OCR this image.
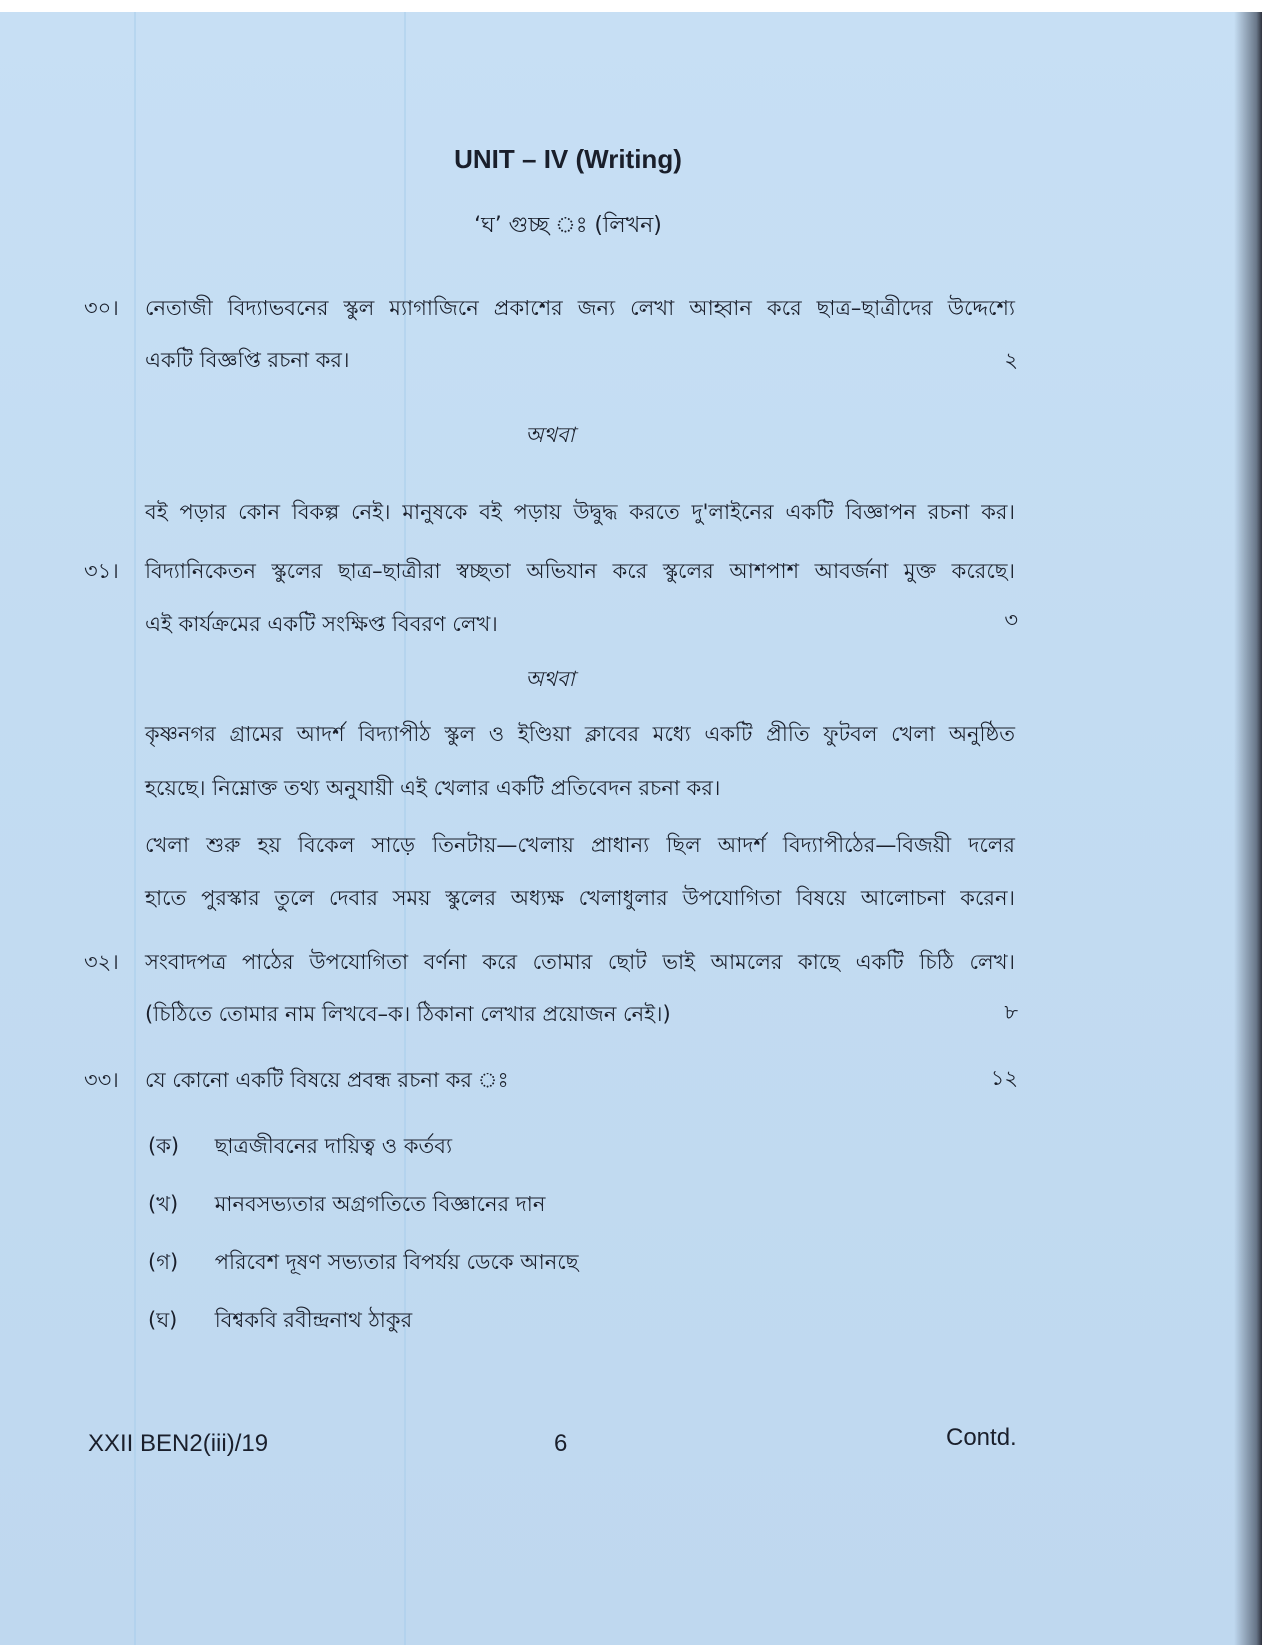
UNIT – IV (Writing)
‘ঘ’ গুচ্ছ ঃ (লিখন)
৩০। নেতাজী বিদ্যাভবনের স্কুল ম্যাগাজিনে প্রকাশের জন্য লেখা আহ্বান করে ছাত্র–ছাত্রীদের উদ্দেশ্যে
একটি বিজ্ঞপ্তি রচনা কর।	২
অথবা
বই পড়ার কোন বিকল্প নেই। মানুষকে বই পড়ায় উদ্বুদ্ধ করতে দু'লাইনের একটি বিজ্ঞাপন রচনা কর।
৩১। বিদ্যানিকেতন স্কুলের ছাত্র–ছাত্রীরা স্বচ্ছতা অভিযান করে স্কুলের আশপাশ আবর্জনা মুক্ত করেছে।
এই কার্যক্রমের একটি সংক্ষিপ্ত বিবরণ লেখ।	৩
অথবা
কৃষ্ণনগর গ্রামের আদর্শ বিদ্যাপীঠ স্কুল ও ইণ্ডিয়া ক্লাবের মধ্যে একটি প্রীতি ফুটবল খেলা অনুষ্ঠিত
হয়েছে। নিম্নোক্ত তথ্য অনুযায়ী এই খেলার একটি প্রতিবেদন রচনা কর।
খেলা শুরু হয় বিকেল সাড়ে তিনটায়—খেলায় প্রাধান্য ছিল আদর্শ বিদ্যাপীঠের—বিজয়ী দলের
হাতে পুরস্কার তুলে দেবার সময় স্কুলের অধ্যক্ষ খেলাধুলার উপযোগিতা বিষয়ে আলোচনা করেন।
৩২। সংবাদপত্র পাঠের উপযোগিতা বর্ণনা করে তোমার ছোট ভাই আমলের কাছে একটি চিঠি লেখ।
(চিঠিতে তোমার নাম লিখবে–ক। ঠিকানা লেখার প্রয়োজন নেই।)	৮
৩৩। যে কোনো একটি বিষয়ে প্রবন্ধ রচনা কর ঃ	১২
(ক) ছাত্রজীবনের দায়িত্ব ও কর্তব্য
(খ) মানবসভ্যতার অগ্রগতিতে বিজ্ঞানের দান
(গ) পরিবেশ দূষণ সভ্যতার বিপর্যয় ডেকে আনছে
(ঘ) বিশ্বকবি রবীন্দ্রনাথ ঠাকুর
XXII BEN2(iii)/19	6	Contd.
